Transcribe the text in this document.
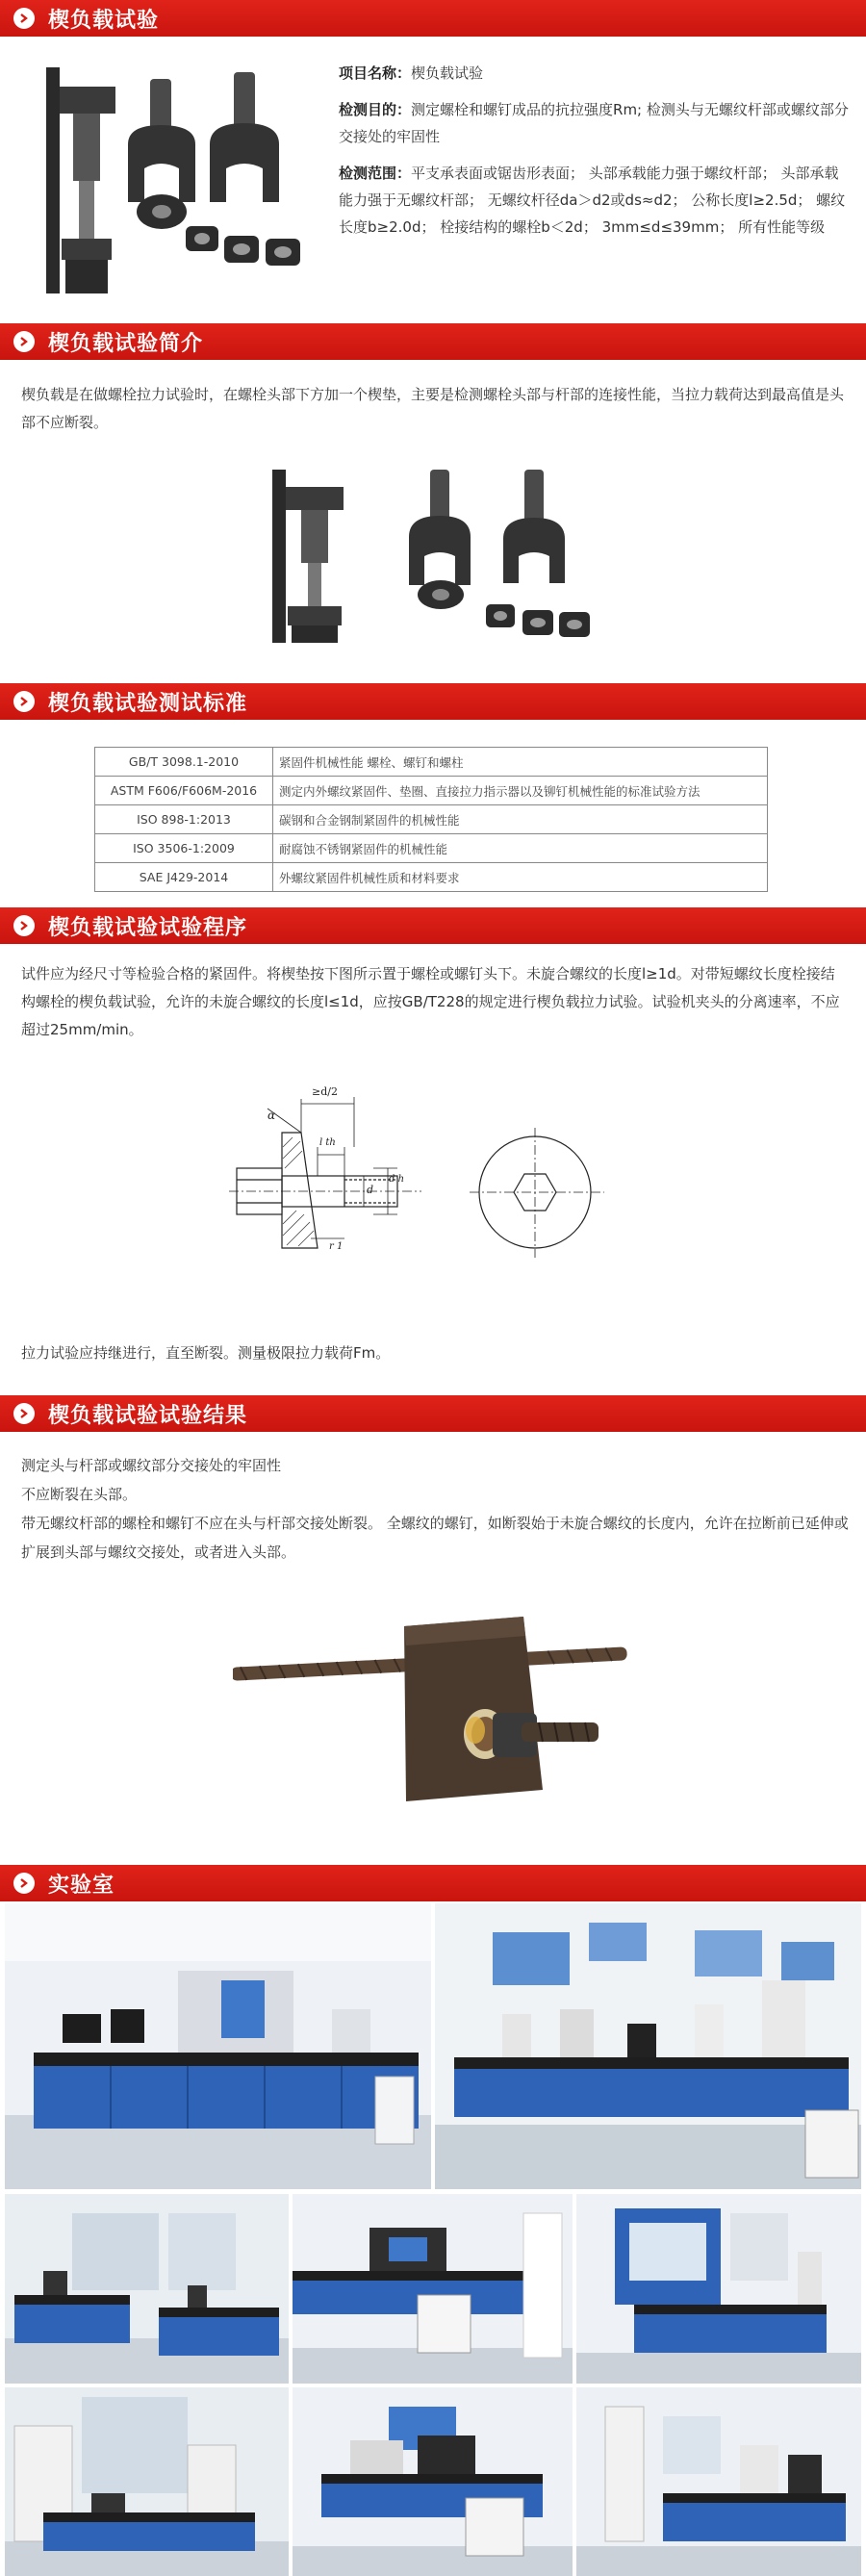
楔负载试验

项目名称：楔负载试验

检测目的：测定螺栓和螺钉成品的抗拉强度Rm; 检测头与无螺纹杆部或螺纹部分交接处的牢固性

检测范围：平支承表面或锯齿形表面； 头部承载能力强于螺纹杆部； 头部承载能力强于无螺纹杆部； 无螺纹杆径da＞d2或ds≈d2； 公称长度l≥2.5d； 螺纹长度b≥2.0d； 栓接结构的螺栓b＜2d； 3mm≤d≤39mm； 所有性能等级

楔负载试验简介

楔负载是在做螺栓拉力试验时，在螺栓头部下方加一个楔垫，主要是检测螺栓头部与杆部的连接性能，当拉力载荷达到最高值是头部不应断裂。

楔负载试验测试标准
GB/T 3098.1-2010	紧固件机械性能 螺栓、螺钉和螺柱
ASTM F606/F606M-2016	测定内外螺纹紧固件、垫圈、直接拉力指示器以及铆钉机械性能的标准试验方法
ISO 898-1:2013	碳钢和合金钢制紧固件的机械性能
ISO 3506-1:2009	耐腐蚀不锈钢紧固件的机械性能
SAE J429-2014	外螺纹紧固件机械性质和材料要求
楔负载试验试验程序

试件应为经尺寸等检验合格的紧固件。将楔垫按下图所示置于螺栓或螺钉头下。未旋合螺纹的长度l≥1d。对带短螺纹长度栓接结构螺栓的楔负载试验，允许的未旋合螺纹的长度l≤1d，应按GB/T228的规定进行楔负载拉力试验。试验机夹头的分离速率，不应超过25mm/min。

≥d/2
α
l th
d
d h
r 1

拉力试验应持继进行，直至断裂。测量极限拉力载荷Fm。

楔负载试验试验结果

测定头与杆部或螺纹部分交接处的牢固性

不应断裂在头部。

带无螺纹杆部的螺栓和螺钉不应在头与杆部交接处断裂。 全螺纹的螺钉，如断裂始于未旋合螺纹的长度内，允许在拉断前已延伸或扩展到头部与螺纹交接处，或者进入头部。

实验室
